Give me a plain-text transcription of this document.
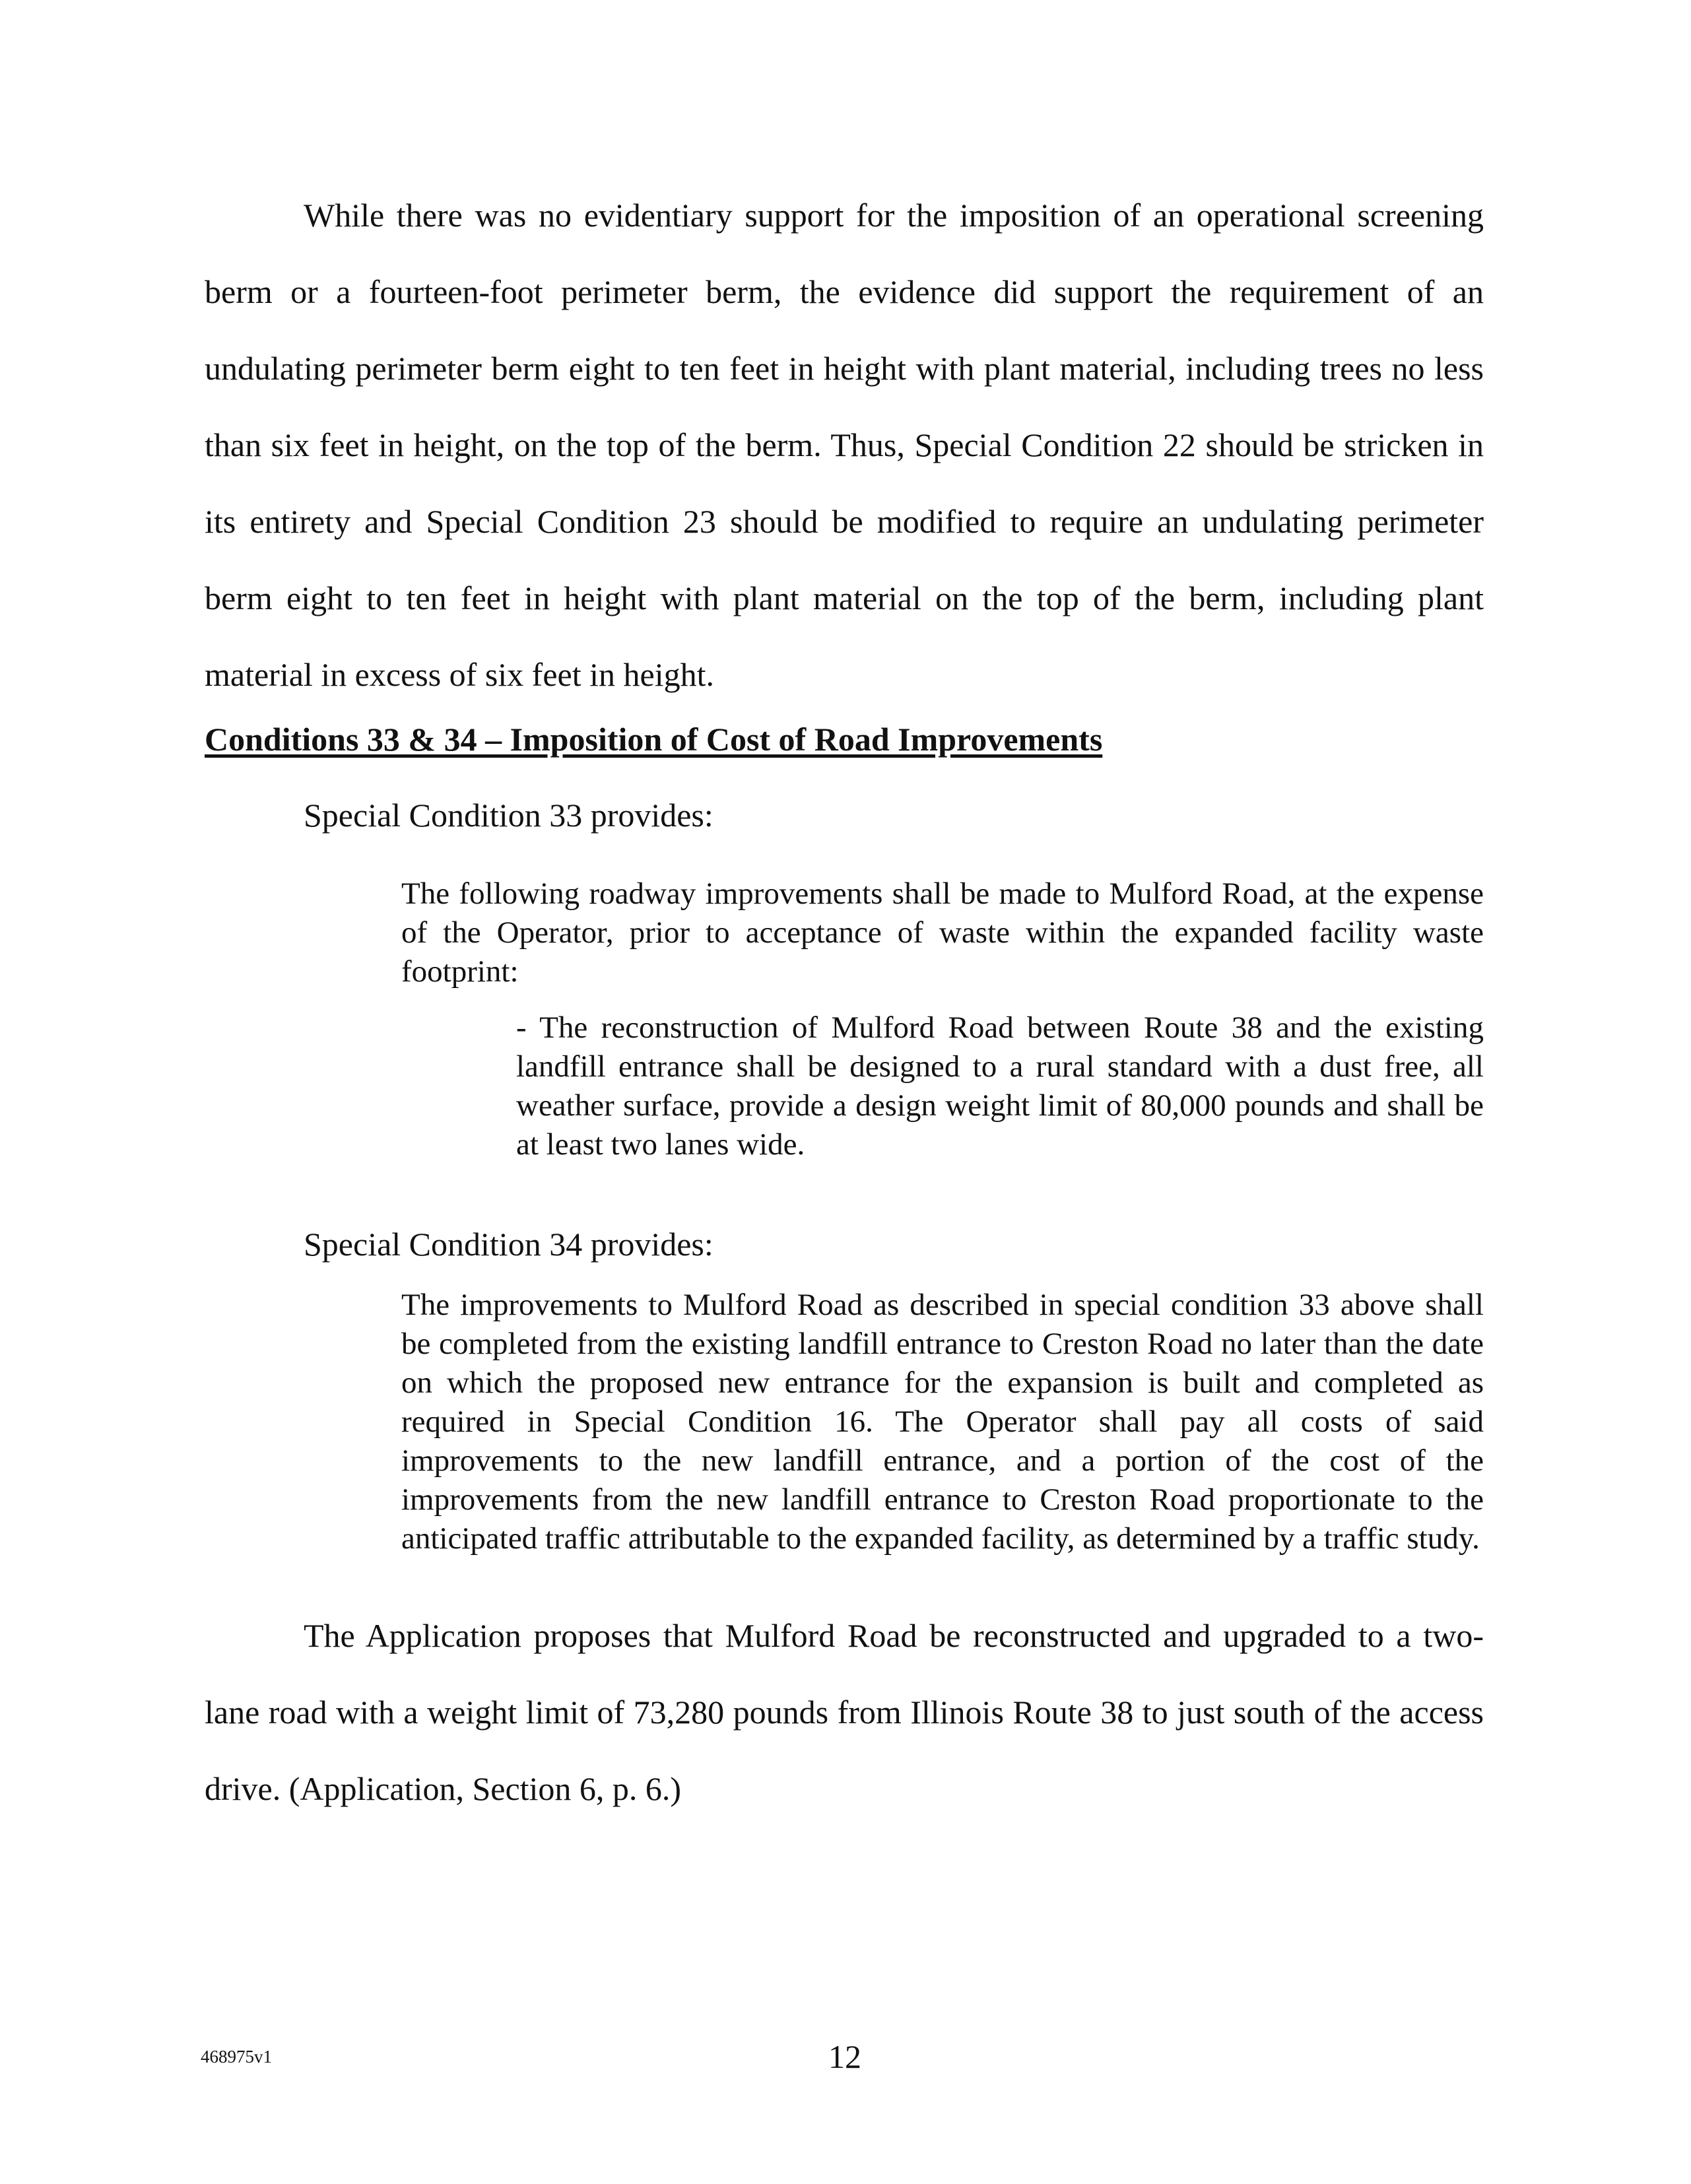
While there was no evidentiary support for the imposition of an operational screening berm or a fourteen-foot perimeter berm, the evidence did support the requirement of an undulating perimeter berm eight to ten feet in height with plant material, including trees no less than six feet in height, on the top of the berm. Thus, Special Condition 22 should be stricken in its entirety and Special Condition 23 should be modified to require an undulating perimeter berm eight to ten feet in height with plant material on the top of the berm, including plant material in excess of six feet in height.

Conditions 33 & 34 – Imposition of Cost of Road Improvements
Special Condition 33 provides:

The following roadway improvements shall be made to Mulford Road, at the expense of the Operator, prior to acceptance of waste within the expanded facility waste footprint:

- The reconstruction of Mulford Road between Route 38 and the existing landfill entrance shall be designed to a rural standard with a dust free, all weather surface, provide a design weight limit of 80,000 pounds and shall be at least two lanes wide.

Special Condition 34 provides:

The improvements to Mulford Road as described in special condition 33 above shall be completed from the existing landfill entrance to Creston Road no later than the date on which the proposed new entrance for the expansion is built and completed as required in Special Condition 16. The Operator shall pay all costs of said improvements to the new landfill entrance, and a portion of the cost of the improvements from the new landfill entrance to Creston Road proportionate to the anticipated traffic attributable to the expanded facility, as determined by a traffic study.

The Application proposes that Mulford Road be reconstructed and upgraded to a two-lane road with a weight limit of 73,280 pounds from Illinois Route 38 to just south of the access drive. (Application, Section 6, p. 6.)

468975v1	12
